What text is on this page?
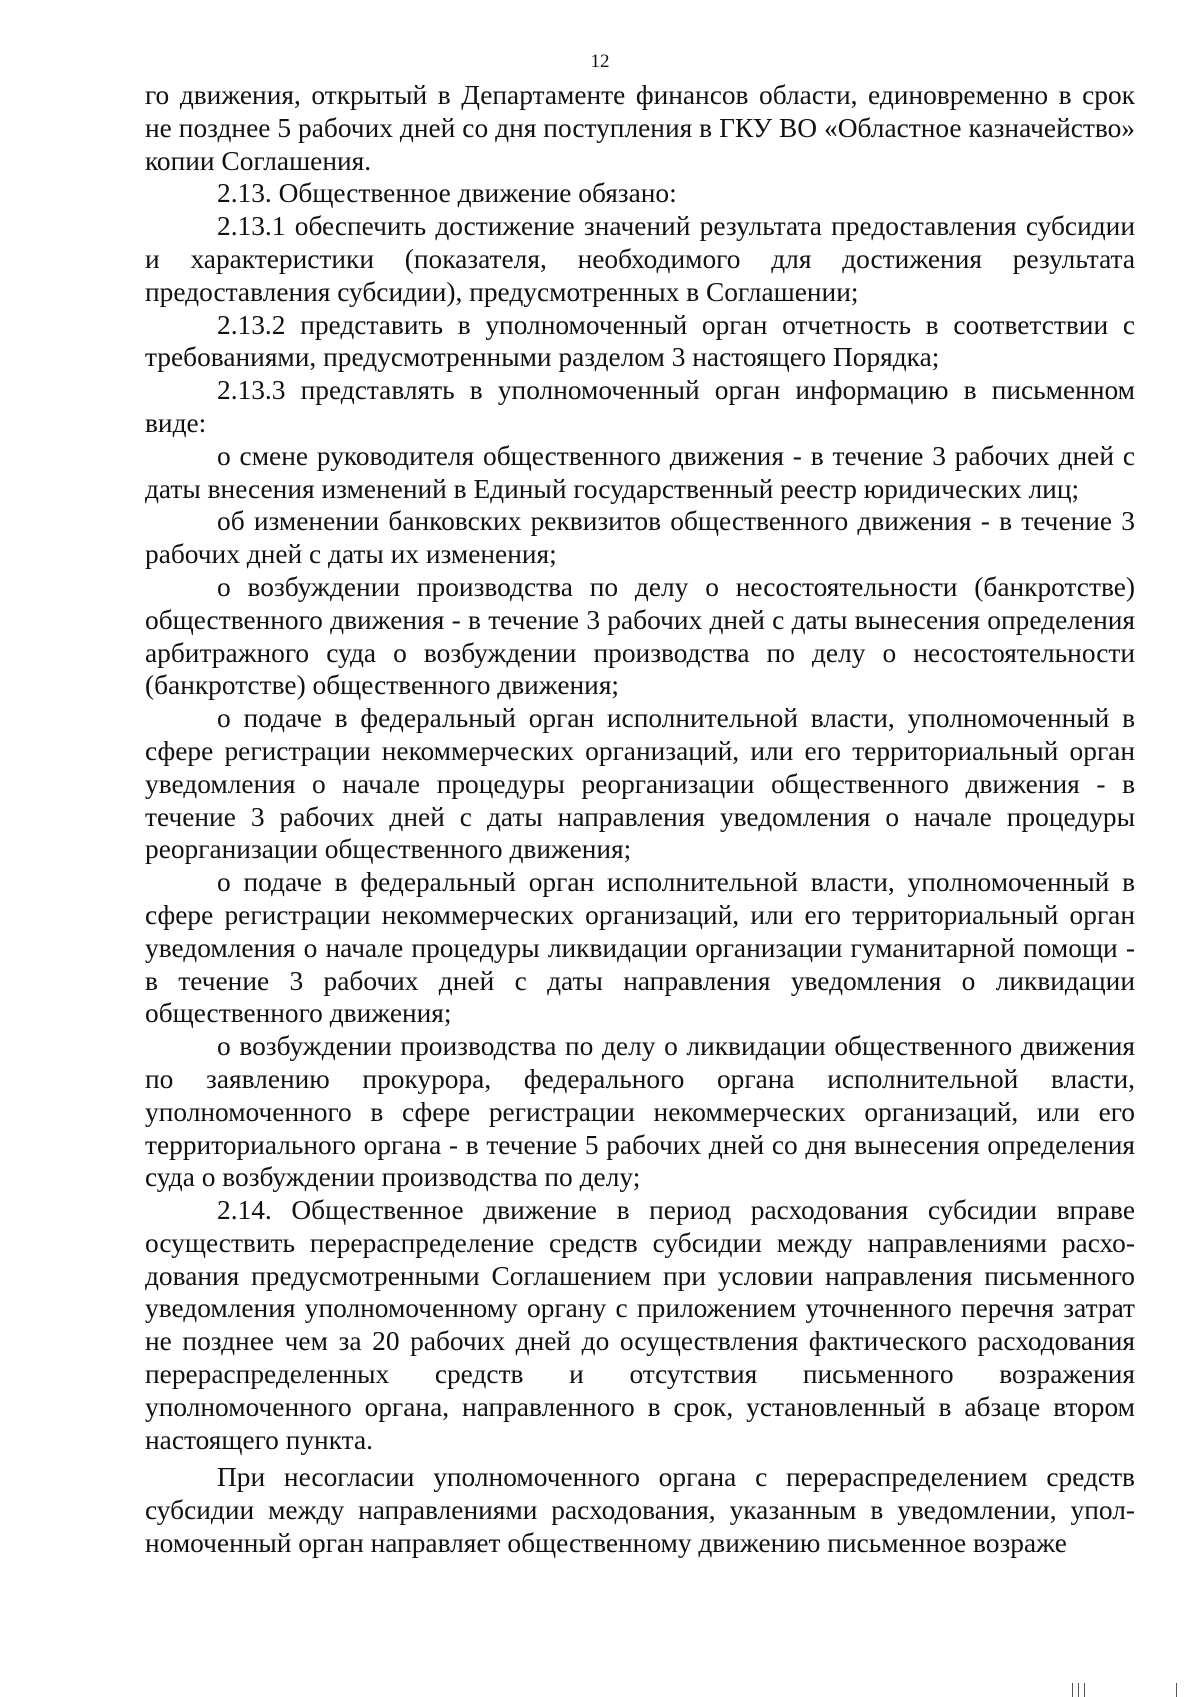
12

го движения, открытый в Департаменте финансов области, единовременно в срок не позднее 5 рабочих дней со дня поступления в ГКУ ВО «Областное казначейство» копии Соглашения.

2.13. Общественное движение обязано:

2.13.1 обеспечить достижение значений результата предоставления субсидии и характеристики (показателя, необходимого для достижения результата предоставления субсидии), предусмотренных в Соглашении;

2.13.2 представить в уполномоченный орган отчетность в соответствии с требованиями, предусмотренными разделом 3 настоящего Порядка;

2.13.3 представлять в уполномоченный орган информацию в письменном виде:

о смене руководителя общественного движения - в течение 3 рабочих дней с даты внесения изменений в Единый государственный реестр юридических лиц;

об изменении банковских реквизитов общественного движения - в течение 3 рабочих дней с даты их изменения;

о возбуждении производства по делу о несостоятельности (банкротстве) общественного движения - в течение 3 рабочих дней с даты вынесения определения арбитражного суда о возбуждении производства по делу о несостоятельности (банкротстве) общественного движения;

о подаче в федеральный орган исполнительной власти, уполномоченный в сфере регистрации некоммерческих организаций, или его территориальный орган уведомления о начале процедуры реорганизации общественного движения - в течение 3 рабочих дней с даты направления уведомления о начале процедуры реорганизации общественного движения;

о подаче в федеральный орган исполнительной власти, уполномоченный в сфере регистрации некоммерческих организаций, или его территориальный орган уведомления о начале процедуры ликвидации организации гуманитарной помощи - в течение 3 рабочих дней с даты направления уведомления о ликвидации общественного движения;

о возбуждении производства по делу о ликвидации общественного движения по заявлению прокурора, федерального органа исполнительной власти, уполномоченного в сфере регистрации некоммерческих организаций, или его территориального органа - в течение 5 рабочих дней со дня вынесения определения суда о возбуждении производства по делу;

2.14. Общественное движение в период расходования субсидии вправе осуществить перераспределение средств субсидии между направлениями расходования предусмотренными Соглашением при условии направления письменного уведомления уполномоченному органу с приложением уточненного перечня затрат не позднее чем за 20 рабочих дней до осуществления фактического расходования перераспределенных средств и отсутствия письменного возражения уполномоченного органа, направленного в срок, установленный в абзаце втором настоящего пункта.

При несогласии уполномоченного органа с перераспределением средств субсидии между направлениями расходования, указанным в уведомлении, уполномоченный орган направляет общественному движению письменное возраже
